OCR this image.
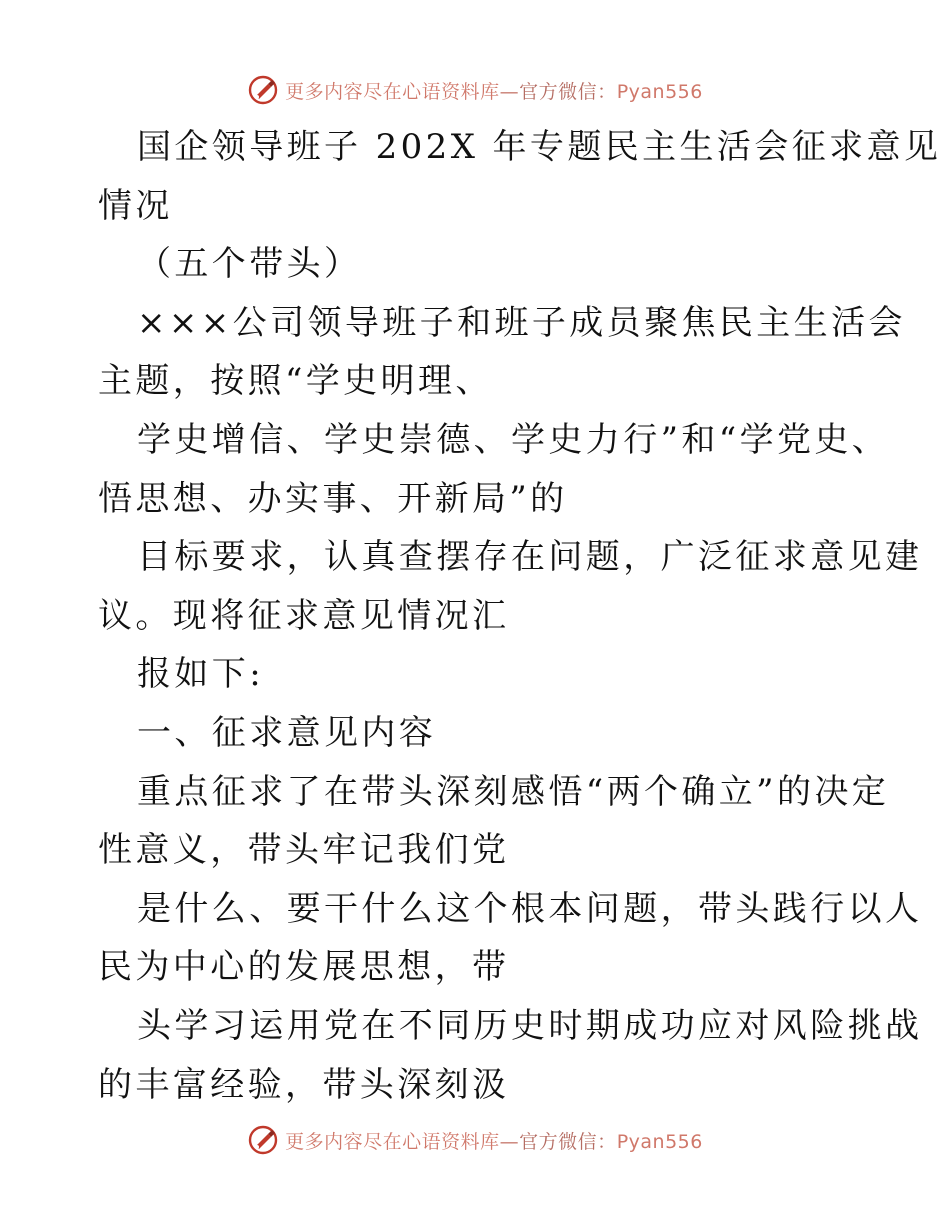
更多内容尽在心语资料库—官方微信：Pyan556
国企领导班子 202X 年专题民主生活会征求意见
情况
（五个带头）
×××公司领导班子和班子成员聚焦民主生活会
主题，按照“学史明理、
学史增信、学史崇德、学史力行”和“学党史、
悟思想、办实事、开新局”的
目标要求，认真查摆存在问题，广泛征求意见建
议。现将征求意见情况汇
报如下:
一、征求意见内容
重点征求了在带头深刻感悟“两个确立”的决定
性意义，带头牢记我们党
是什么、要干什么这个根本问题，带头践行以人
民为中心的发展思想，带
头学习运用党在不同历史时期成功应对风险挑战
的丰富经验，带头深刻汲
更多内容尽在心语资料库—官方微信：Pyan556
